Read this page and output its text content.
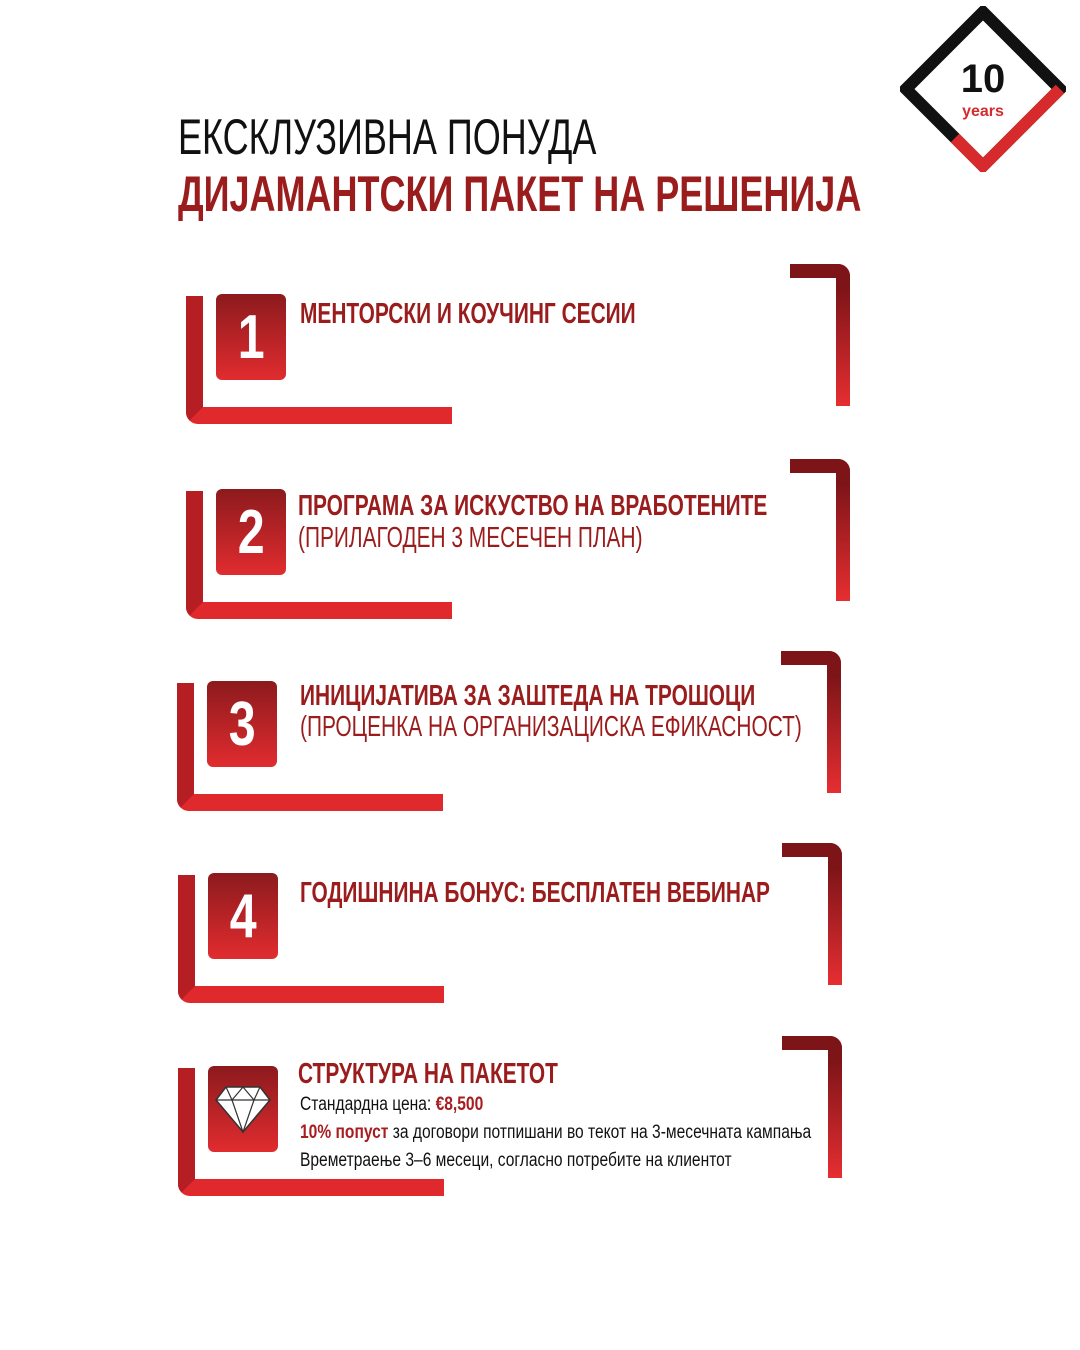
ЕКСКЛУЗИВНА ПОНУДА
ДИЈАМАНТСКИ ПАКЕТ НА РЕШЕНИЈА
10
years
1 МЕНТОРСКИ И КОУЧИНГ СЕСИИ
2 ПРОГРАМА ЗА ИСКУСТВО НА ВРАБОТЕНИТЕ
(ПРИЛАГОДЕН 3 МЕСЕЧЕН ПЛАН)
3 ИНИЦИЈАТИВА ЗА ЗАШТЕДА НА ТРОШОЦИ
(ПРОЦЕНКА НА ОРГАНИЗАЦИСКА ЕФИКАСНОСТ)
4 ГОДИШНИНА БОНУС: БЕСПЛАТЕН ВЕБИНАР
СТРУКТУРА НА ПАКЕТОТ
Стандардна цена: €8,500
10% попуст за договори потпишани во текот на 3-месечната кампања
Времетраење 3–6 месеци, согласно потребите на клиентот
